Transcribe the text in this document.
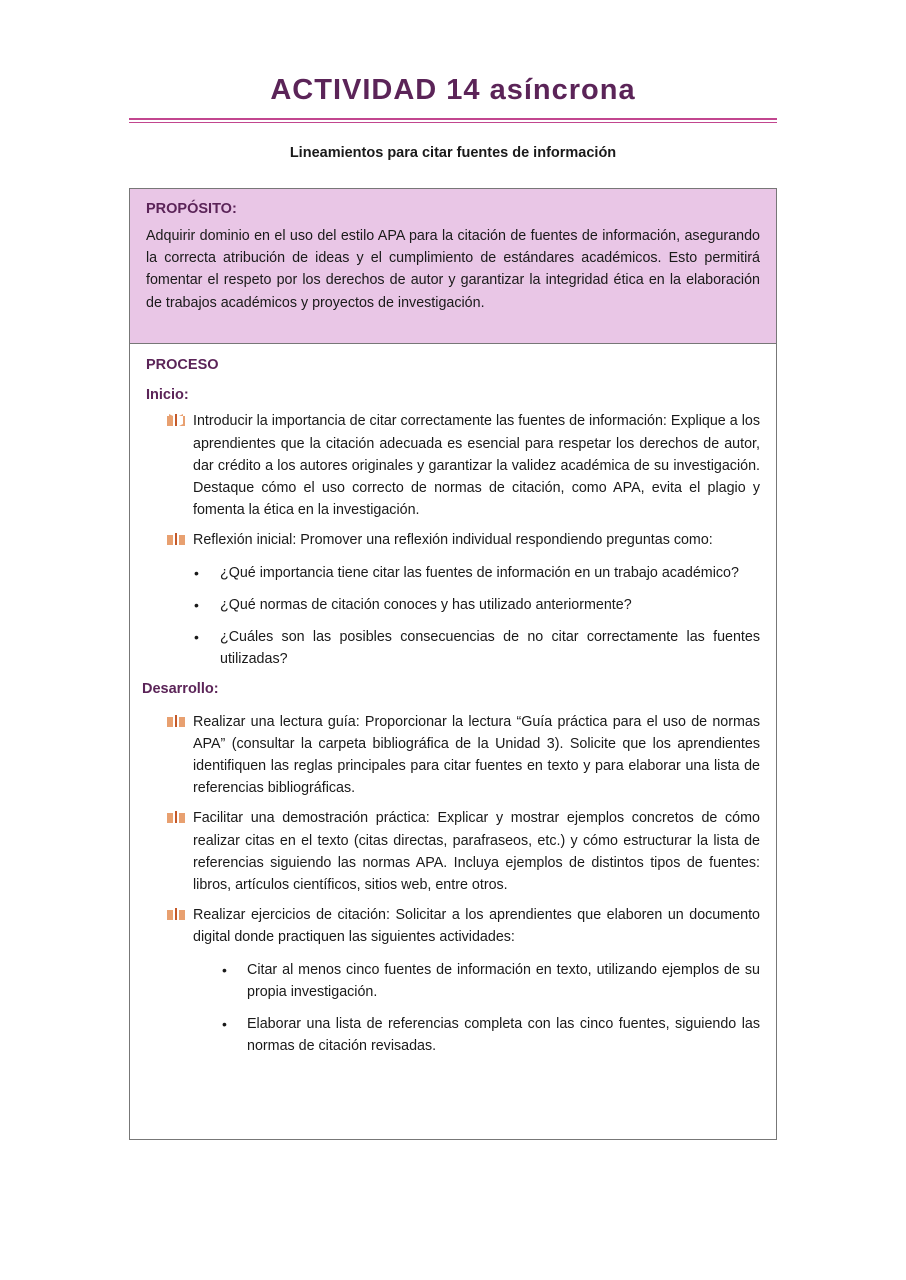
ACTIVIDAD 14 asíncrona
Lineamientos para citar fuentes de información
PROPÓSITO:
Adquirir dominio en el uso del estilo APA para la citación de fuentes de información, asegurando la correcta atribución de ideas y el cumplimiento de estándares académicos. Esto permitirá fomentar el respeto por los derechos de autor y garantizar la integridad ética en la elaboración de trabajos académicos y proyectos de investigación.
PROCESO
Inicio:
Introducir la importancia de citar correctamente las fuentes de información: Explique a los aprendientes que la citación adecuada es esencial para respetar los derechos de autor, dar crédito a los autores originales y garantizar la validez académica de su investigación. Destaque cómo el uso correcto de normas de citación, como APA, evita el plagio y fomenta la ética en la investigación.
Reflexión inicial: Promover una reflexión individual respondiendo preguntas como:
• ¿Qué importancia tiene citar las fuentes de información en un trabajo académico?
• ¿Qué normas de citación conoces y has utilizado anteriormente?
• ¿Cuáles son las posibles consecuencias de no citar correctamente las fuentes utilizadas?
Desarrollo:
Realizar una lectura guía: Proporcionar la lectura “Guía práctica para el uso de normas APA” (consultar la carpeta bibliográfica de la Unidad 3). Solicite que los aprendientes identifiquen las reglas principales para citar fuentes en texto y para elaborar una lista de referencias bibliográficas.
Facilitar una demostración práctica: Explicar y mostrar ejemplos concretos de cómo realizar citas en el texto (citas directas, parafraseos, etc.) y cómo estructurar la lista de referencias siguiendo las normas APA. Incluya ejemplos de distintos tipos de fuentes: libros, artículos científicos, sitios web, entre otros.
Realizar ejercicios de citación: Solicitar a los aprendientes que elaboren un documento digital donde practiquen las siguientes actividades:
• Citar al menos cinco fuentes de información en texto, utilizando ejemplos de su propia investigación.
• Elaborar una lista de referencias completa con las cinco fuentes, siguiendo las normas de citación revisadas.
